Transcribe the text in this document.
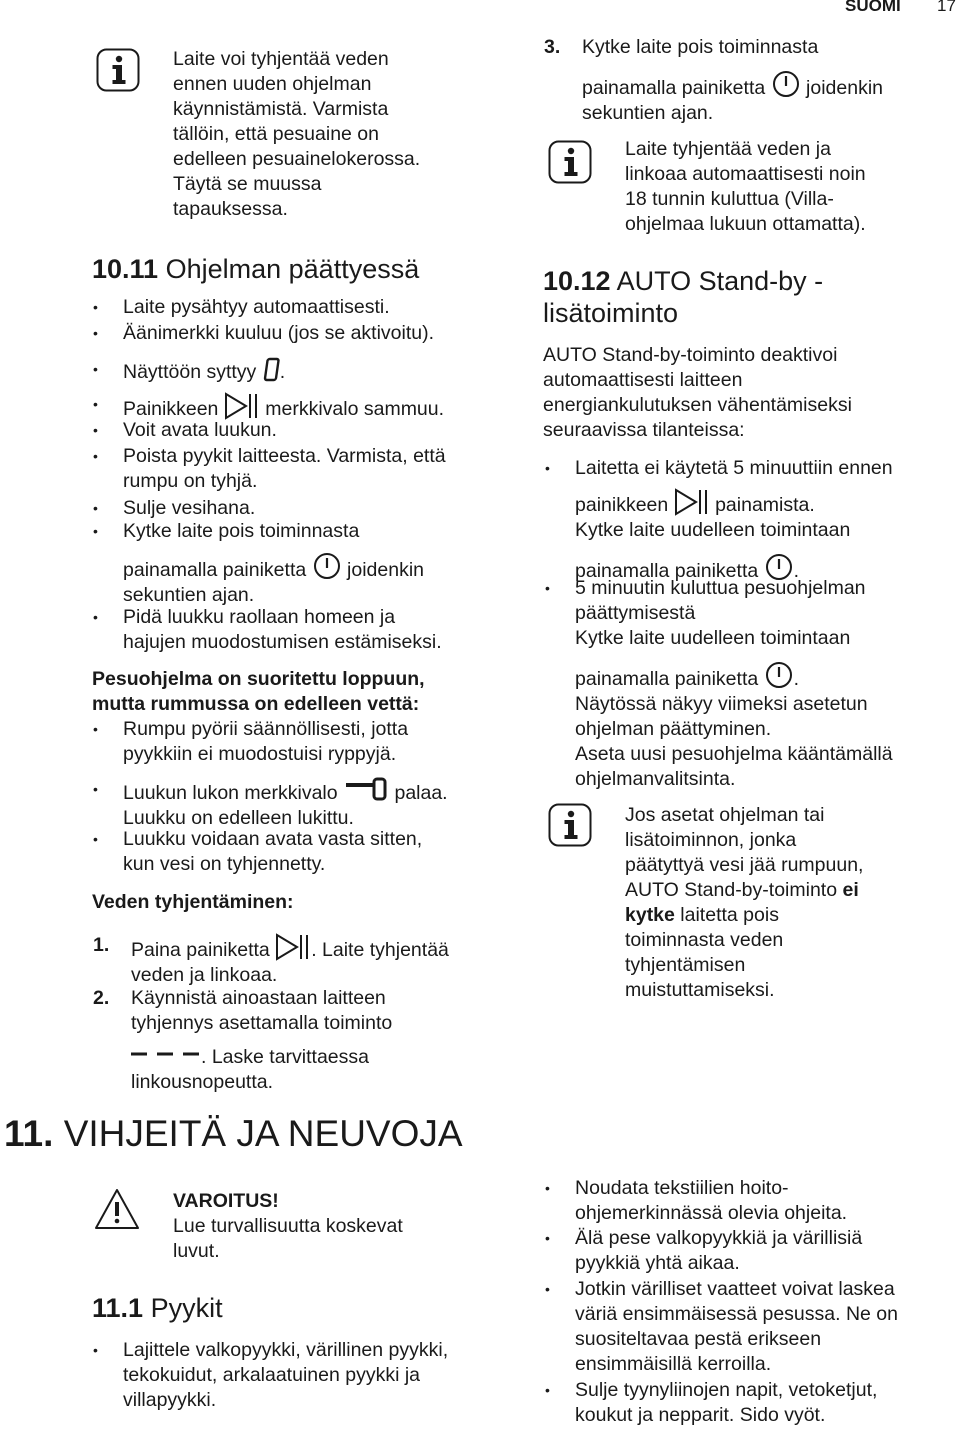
SUOMI 17
Laite voi tyhjentää veden
ennen uuden ohjelman
käynnistämistä. Varmista
tällöin, että pesuaine on
edelleen pesuainelokerossa.
Täytä se muussa
tapauksessa.
10.11 Ohjelman päättyessä
• Laite pysähtyy automaattisesti.
• Äänimerkki kuuluu (jos se aktivoitu).
• Näyttöön syttyy .
• Painikkeen merkkivalo sammuu.
• Voit avata luukun.
• Poista pyykit laitteesta. Varmista, että
rumpu on tyhjä.
• Sulje vesihana.
• Kytke laite pois toiminnasta
painamalla painiketta joidenkin
sekuntien ajan.
• Pidä luukku raollaan homeen ja
hajujen muodostumisen estämiseksi.
Pesuohjelma on suoritettu loppuun,
mutta rummussa on edelleen vettä:
• Rumpu pyörii säännöllisesti, jotta
pyykkiin ei muodostuisi ryppyjä.
• Luukun lukon merkkivalo	palaa.
Luukku on edelleen lukittu.
• Luukku voidaan avata vasta sitten,
kun vesi on tyhjennetty.
Veden tyhjentäminen:
1. Paina painiketta . Laite tyhjentää
veden ja linkoaa.
2. Käynnistä ainoastaan laitteen
tyhjennys asettamalla toiminto
. Laske tarvittaessa
linkousnopeutta.
11. VIHJEITÄ JA NEUVOJA
VAROITUS!
Lue turvallisuutta koskevat
luvut.
11.1 Pyykit
• Lajittele valkopyykki, värillinen pyykki,
tekokuidut, arkalaatuinen pyykki ja
villapyykki.
3. Kytke laite pois toiminnasta
painamalla painiketta joidenkin
sekuntien ajan.
Laite tyhjentää veden ja
linkoaa automaattisesti noin
18 tunnin kuluttua (Villa-
ohjelmaa lukuun ottamatta).
10.12 AUTO Stand-by -
lisätoiminto
AUTO Stand-by-toiminto deaktivoi
automaattisesti laitteen
energiankulutuksen vähentämiseksi
seuraavissa tilanteissa:
• Laitetta ei käytetä 5 minuuttiin ennen
painikkeen painamista.
Kytke laite uudelleen toimintaan
painamalla painiketta .
• 5 minuutin kuluttua pesuohjelman
päättymisestä
Kytke laite uudelleen toimintaan
painamalla painiketta .
Näytössä näkyy viimeksi asetetun
ohjelman päättyminen.
Aseta uusi pesuohjelma kääntämällä
ohjelmanvalitsinta.
Jos asetat ohjelman tai
lisätoiminnon, jonka
päätyttyä vesi jää rumpuun,
AUTO Stand-by-toiminto ei
kytke laitetta pois
toiminnasta veden
tyhjentämisen
muistuttamiseksi.
• Noudata tekstiilien hoito-
ohjemerkinnässä olevia ohjeita.
• Älä pese valkopyykkiä ja värillisiä
pyykkiä yhtä aikaa.
• Jotkin värilliset vaatteet voivat laskea
väriä ensimmäisessä pesussa. Ne on
suositeltavaa pestä erikseen
ensimmäisillä kerroilla.
• Sulje tyynyliinojen napit, vetoketjut,
koukut ja nepparit. Sido vyöt.
